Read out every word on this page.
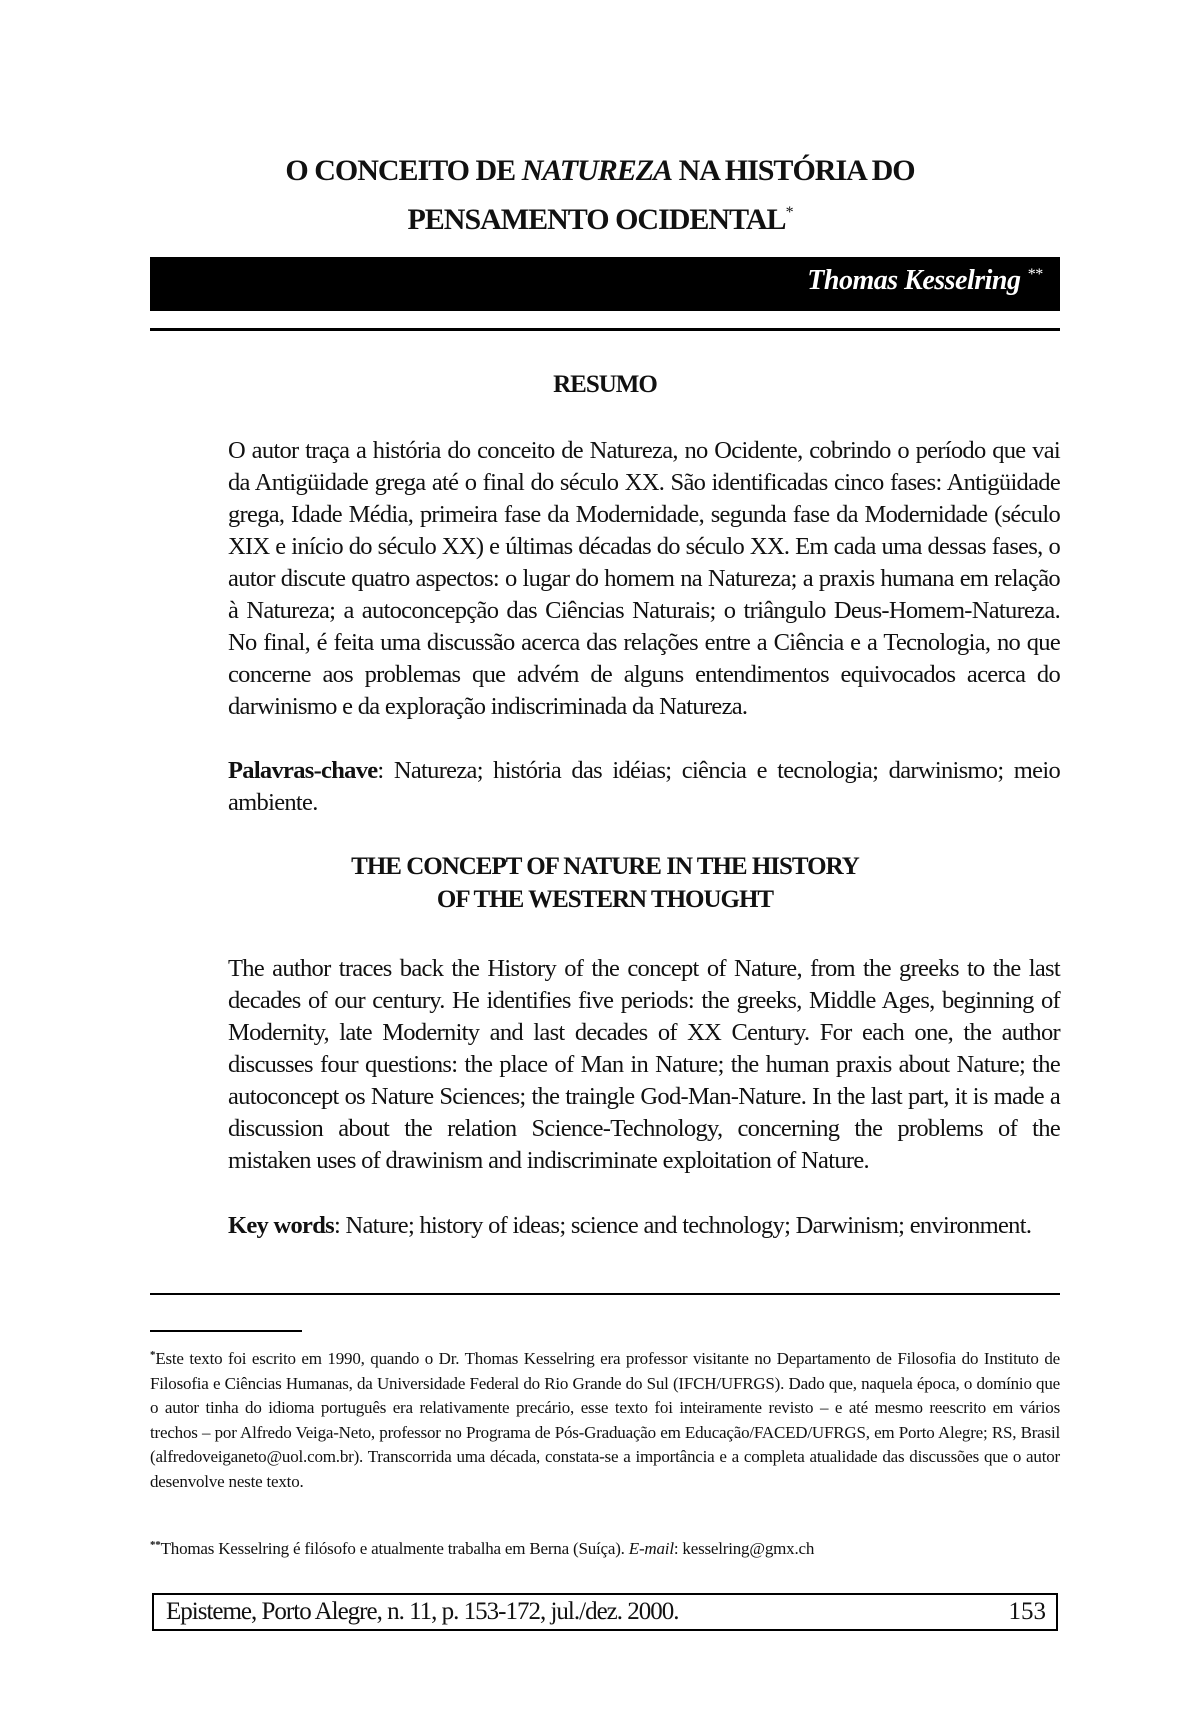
O CONCEITO DE NATUREZA NA HISTÓRIA DO
PENSAMENTO OCIDENTAL*
Thomas Kesselring **
RESUMO

O autor traça a história do conceito de Natureza, no Ocidente, cobrindo o período que vai da Antigüidade grega até o final do século XX. São identificadas cinco fases: Antigüidade grega, Idade Média, primeira fase da Modernidade, segunda fase da Modernidade (século XIX e início do século XX) e últimas décadas do século XX. Em cada uma dessas fases, o autor discute quatro aspectos: o lugar do homem na Natureza; a praxis humana em relação à Natureza; a autoconcepção das Ciências Naturais; o triângulo Deus-Homem-Natureza. No final, é feita uma discussão acerca das relações entre a Ciência e a Tecnologia, no que concerne aos problemas que advém de alguns entendimentos equivocados acerca do darwinismo e da exploração indiscriminada da Natureza.

Palavras-chave: Natureza; história das idéias; ciência e tecnologia; darwinismo; meio ambiente.

THE CONCEPT OF NATURE IN THE HISTORY
OF THE WESTERN THOUGHT

The author traces back the History of the concept of Nature, from the greeks to the last decades of our century. He identifies five periods: the greeks, Middle Ages, beginning of Modernity, late Modernity and last decades of XX Century. For each one, the author discusses four questions: the place of Man in Nature; the human praxis about Nature; the autoconcept os Nature Sciences; the traingle God-Man-Nature. In the last part, it is made a discussion about the relation Science-Technology, concerning the problems of the mistaken uses of drawinism and indiscriminate exploitation of Nature.

Key words: Nature; history of ideas; science and technology; Darwinism; environment.

*Este texto foi escrito em 1990, quando o Dr. Thomas Kesselring era professor visitante no Departamento de Filosofia do Instituto de Filosofia e Ciências Humanas, da Universidade Federal do Rio Grande do Sul (IFCH/UFRGS). Dado que, naquela época, o domínio que o autor tinha do idioma português era relativamente precário, esse texto foi inteiramente revisto – e até mesmo reescrito em vários trechos – por Alfredo Veiga-Neto, professor no Programa de Pós-Graduação em Educação/FACED/UFRGS, em Porto Alegre; RS, Brasil (alfredoveiganeto@uol.com.br). Transcorrida uma década, constata-se a importância e a completa atualidade das discussões que o autor desenvolve neste texto.

**Thomas Kesselring é filósofo e atualmente trabalha em Berna (Suíça). E-mail: kesselring@gmx.ch

Episteme, Porto Alegre, n. 11, p. 153-172, jul./dez. 2000.	153
